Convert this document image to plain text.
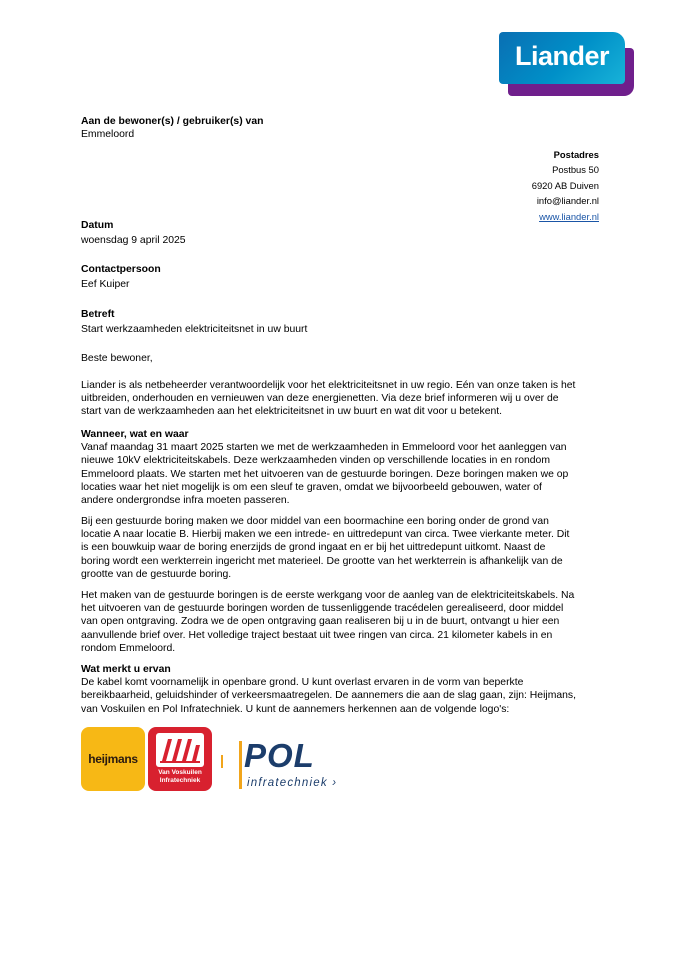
Liander
Aan de bewoner(s) / gebruiker(s) van
Emmeloord
Postadres
Postbus 50
6920 AB Duiven
info@liander.nl
www.liander.nl
Datum
woensdag 9 april 2025
Contactpersoon
Eef Kuiper
Betreft
Start werkzaamheden elektriciteitsnet in uw buurt
Beste bewoner,
Liander is als netbeheerder verantwoordelijk voor het elektriciteitsnet in uw regio. Eén van onze taken is het
uitbreiden, onderhouden en vernieuwen van deze energienetten. Via deze brief informeren wij u over de
start van de werkzaamheden aan het elektriciteitsnet in uw buurt en wat dit voor u betekent.
Wanneer, wat en waar
Vanaf maandag 31 maart 2025 starten we met de werkzaamheden in Emmeloord voor het aanleggen van
nieuwe 10kV elektriciteitskabels. Deze werkzaamheden vinden op verschillende locaties in en rondom
Emmeloord plaats. We starten met het uitvoeren van de gestuurde boringen. Deze boringen maken we op
locaties waar het niet mogelijk is om een sleuf te graven, omdat we bijvoorbeeld gebouwen, water of
andere ondergrondse infra moeten passeren.
Bij een gestuurde boring maken we door middel van een boormachine een boring onder de grond van
locatie A naar locatie B. Hierbij maken we een intrede- en uittredepunt van circa. Twee vierkante meter. Dit
is een bouwkuip waar de boring enerzijds de grond ingaat en er bij het uittredepunt uitkomt. Naast de
boring wordt een werkterrein ingericht met materieel. De grootte van het werkterrein is afhankelijk van de
grootte van de gestuurde boring.
Het maken van de gestuurde boringen is de eerste werkgang voor de aanleg van de elektriciteitskabels. Na
het uitvoeren van de gestuurde boringen worden de tussenliggende tracédelen gerealiseerd, door middel
van open ontgraving. Zodra we de open ontgraving gaan realiseren bij u in de buurt, ontvangt u hier een
aanvullende brief over. Het volledige traject bestaat uit twee ringen van circa. 21 kilometer kabels in en
rondom Emmeloord.
Wat merkt u ervan
De kabel komt voornamelijk in openbare grond. U kunt overlast ervaren in de vorm van beperkte
bereikbaarheid, geluidshinder of verkeersmaatregelen. De aannemers die aan de slag gaan, zijn: Heijmans,
van Voskuilen en Pol Infratechniek. U kunt de aannemers herkennen aan de volgende logo's:
heijmans
Van Voskuilen
Infratechniek
POL
infratechniek ›
